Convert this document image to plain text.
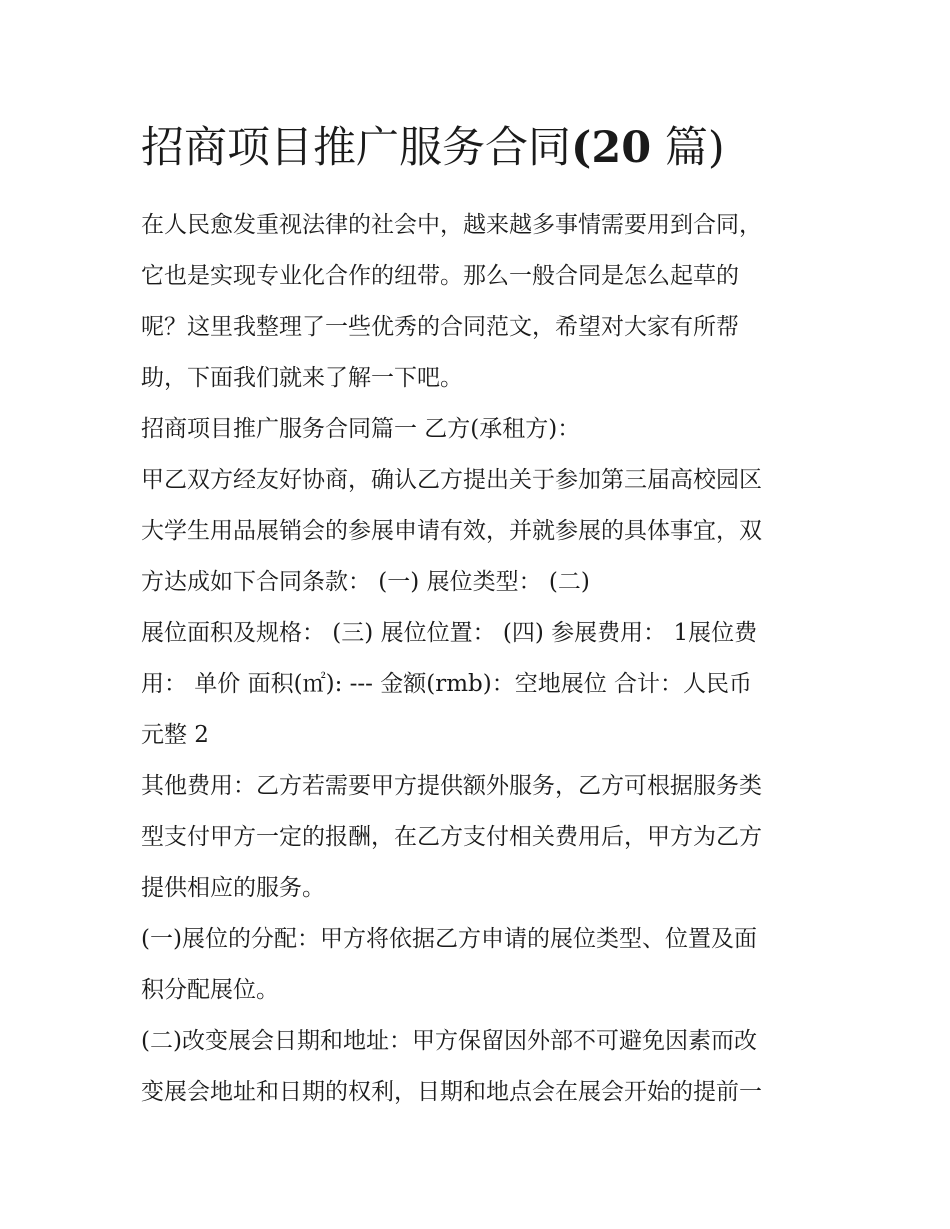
招商项目推广服务合同(20 篇)

在人民愈发重视法律的社会中，越来越多事情需要用到合同，
它也是实现专业化合作的纽带。那么一般合同是怎么起草的
呢？这里我整理了一些优秀的合同范文，希望对大家有所帮
助，下面我们就来了解一下吧。

招商项目推广服务合同篇一 乙方(承租方)：

甲乙双方经友好协商，确认乙方提出关于参加第三届高校园区
大学生用品展销会的参展申请有效，并就参展的具体事宜，双
方达成如下合同条款： (一) 展位类型： (二)

展位面积及规格： (三) 展位位置： (四) 参展费用： 1展位费
用： 单价 面积(㎡): --- 金额(rmb)：空地展位 合计：人民币
元整 2

其他费用：乙方若需要甲方提供额外服务，乙方可根据服务类
型支付甲方一定的报酬，在乙方支付相关费用后，甲方为乙方
提供相应的服务。

(一)展位的分配：甲方将依据乙方申请的展位类型、位置及面
积分配展位。

(二)改变展会日期和地址：甲方保留因外部不可避免因素而改
变展会地址和日期的权利，日期和地点会在展会开始的提前一
